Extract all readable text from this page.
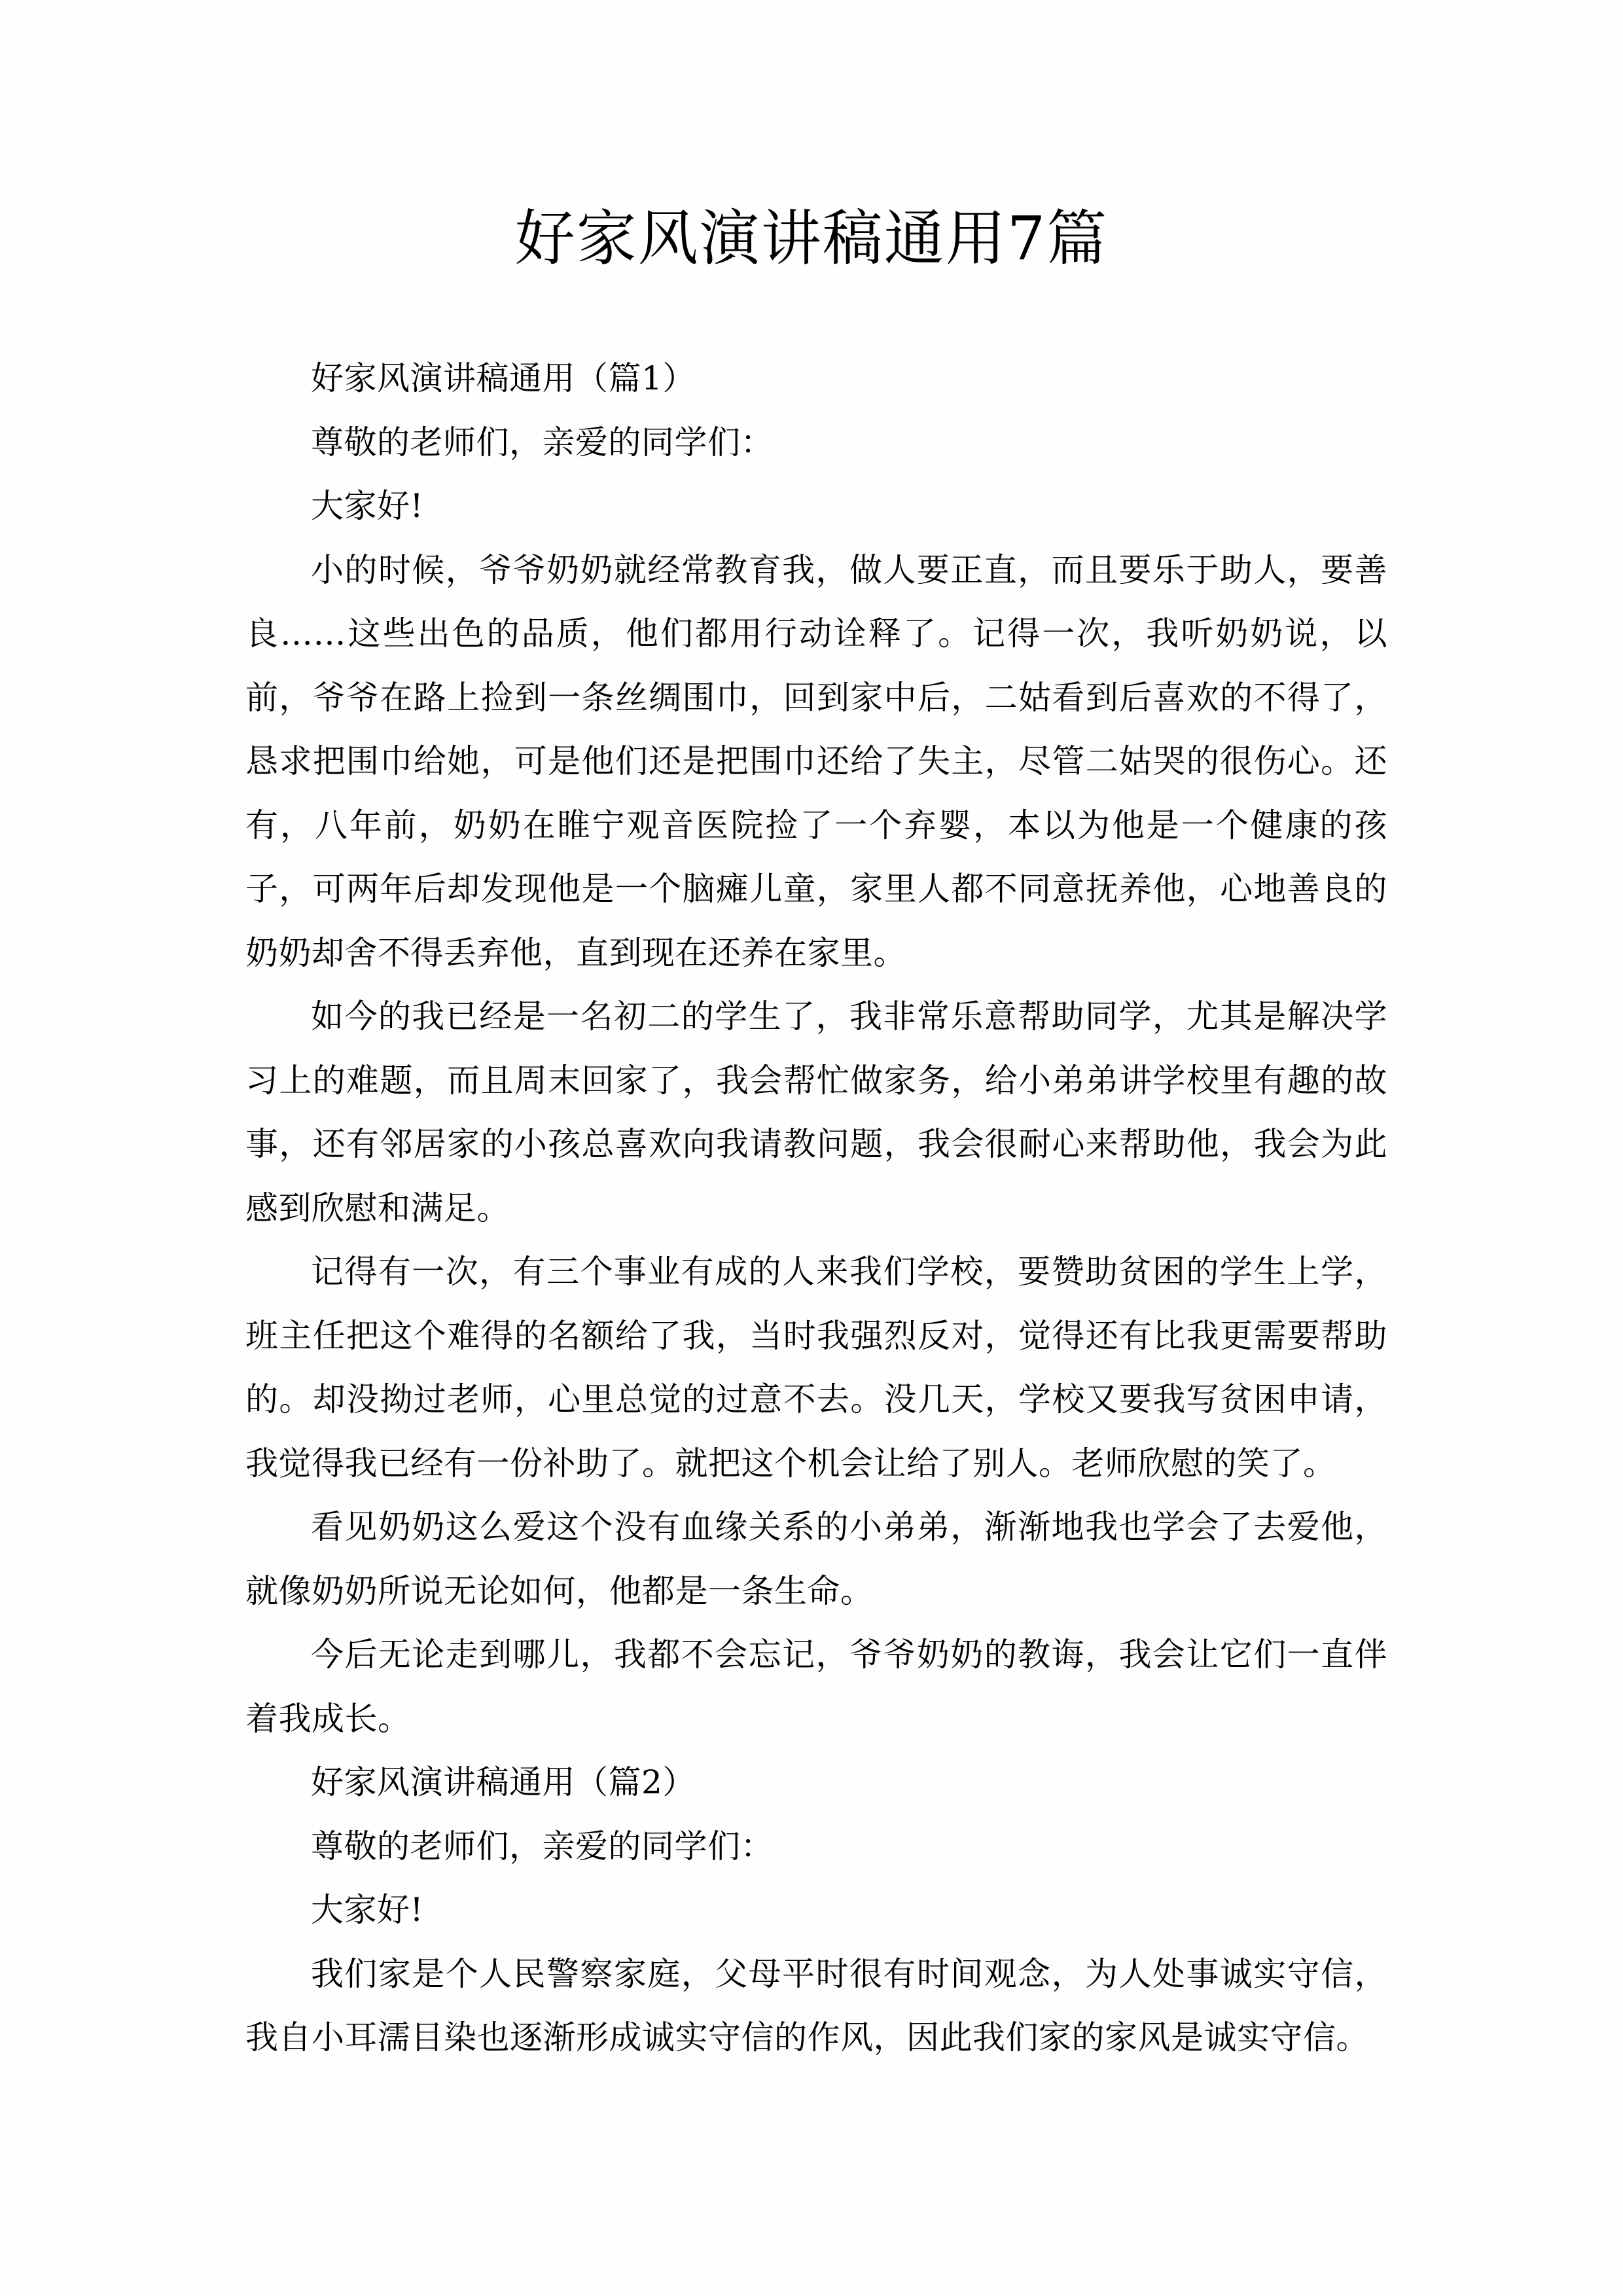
好家风演讲稿通用7篇

好家风演讲稿通用（篇1）

尊敬的老师们，亲爱的同学们：

大家好!

小的时候，爷爷奶奶就经常教育我，做人要正直，而且要乐于助人，要善良……这些出色的品质，他们都用行动诠释了。记得一次，我听奶奶说，以前，爷爷在路上捡到一条丝绸围巾，回到家中后，二姑看到后喜欢的不得了，恳求把围巾给她，可是他们还是把围巾还给了失主，尽管二姑哭的很伤心。还有，八年前，奶奶在睢宁观音医院捡了一个弃婴，本以为他是一个健康的孩子，可两年后却发现他是一个脑瘫儿童，家里人都不同意抚养他，心地善良的奶奶却舍不得丢弃他，直到现在还养在家里。

如今的我已经是一名初二的学生了，我非常乐意帮助同学，尤其是解决学习上的难题，而且周末回家了，我会帮忙做家务，给小弟弟讲学校里有趣的故事，还有邻居家的小孩总喜欢向我请教问题，我会很耐心来帮助他，我会为此感到欣慰和满足。

记得有一次，有三个事业有成的人来我们学校，要赞助贫困的学生上学，班主任把这个难得的名额给了我，当时我强烈反对，觉得还有比我更需要帮助的。却没拗过老师，心里总觉的过意不去。没几天，学校又要我写贫困申请，我觉得我已经有一份补助了。就把这个机会让给了别人。老师欣慰的笑了。

看见奶奶这么爱这个没有血缘关系的小弟弟，渐渐地我也学会了去爱他，就像奶奶所说无论如何，他都是一条生命。

今后无论走到哪儿，我都不会忘记，爷爷奶奶的教诲，我会让它们一直伴着我成长。

好家风演讲稿通用（篇2）

尊敬的老师们，亲爱的同学们：

大家好!

我们家是个人民警察家庭，父母平时很有时间观念，为人处事诚实守信，我自小耳濡目染也逐渐形成诚实守信的作风，因此我们家的家风是诚实守信。
